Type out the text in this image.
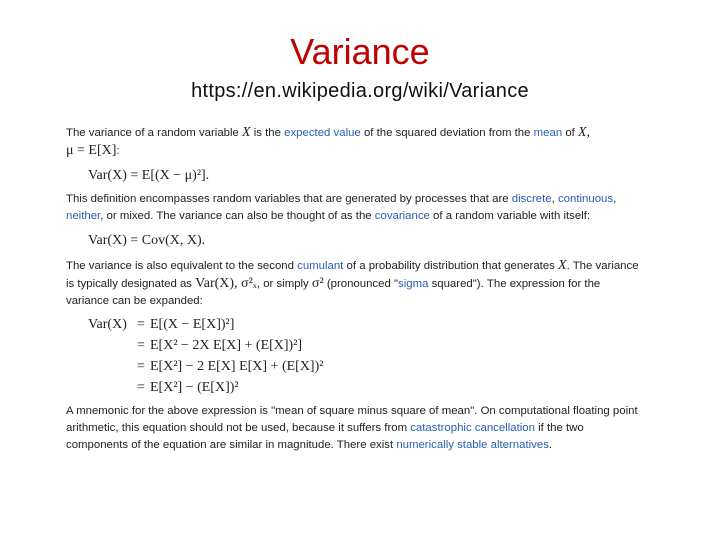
Variance
https://en.wikipedia.org/wiki/Variance

The variance of a random variable X is the expected value of the squared deviation from the mean of X,
μ = E[X]:

Var(X) = E[(X − μ)²].

This definition encompasses random variables that are generated by processes that are discrete, continuous,
neither, or mixed. The variance can also be thought of as the covariance of a random variable with itself:

Var(X) = Cov(X, X).

The variance is also equivalent to the second cumulant of a probability distribution that generates X. The variance
is typically designated as Var(X), σ²ₓ, or simply σ² (pronounced "sigma squared"). The expression for the
variance can be expanded:

Var(X) = E[(X − E[X])²]
= E[X² − 2X E[X] + (E[X])²]
= E[X²] − 2 E[X] E[X] + (E[X])²
= E[X²] − (E[X])²

A mnemonic for the above expression is "mean of square minus square of mean". On computational floating point
arithmetic, this equation should not be used, because it suffers from catastrophic cancellation if the two
components of the equation are similar in magnitude. There exist numerically stable alternatives.
